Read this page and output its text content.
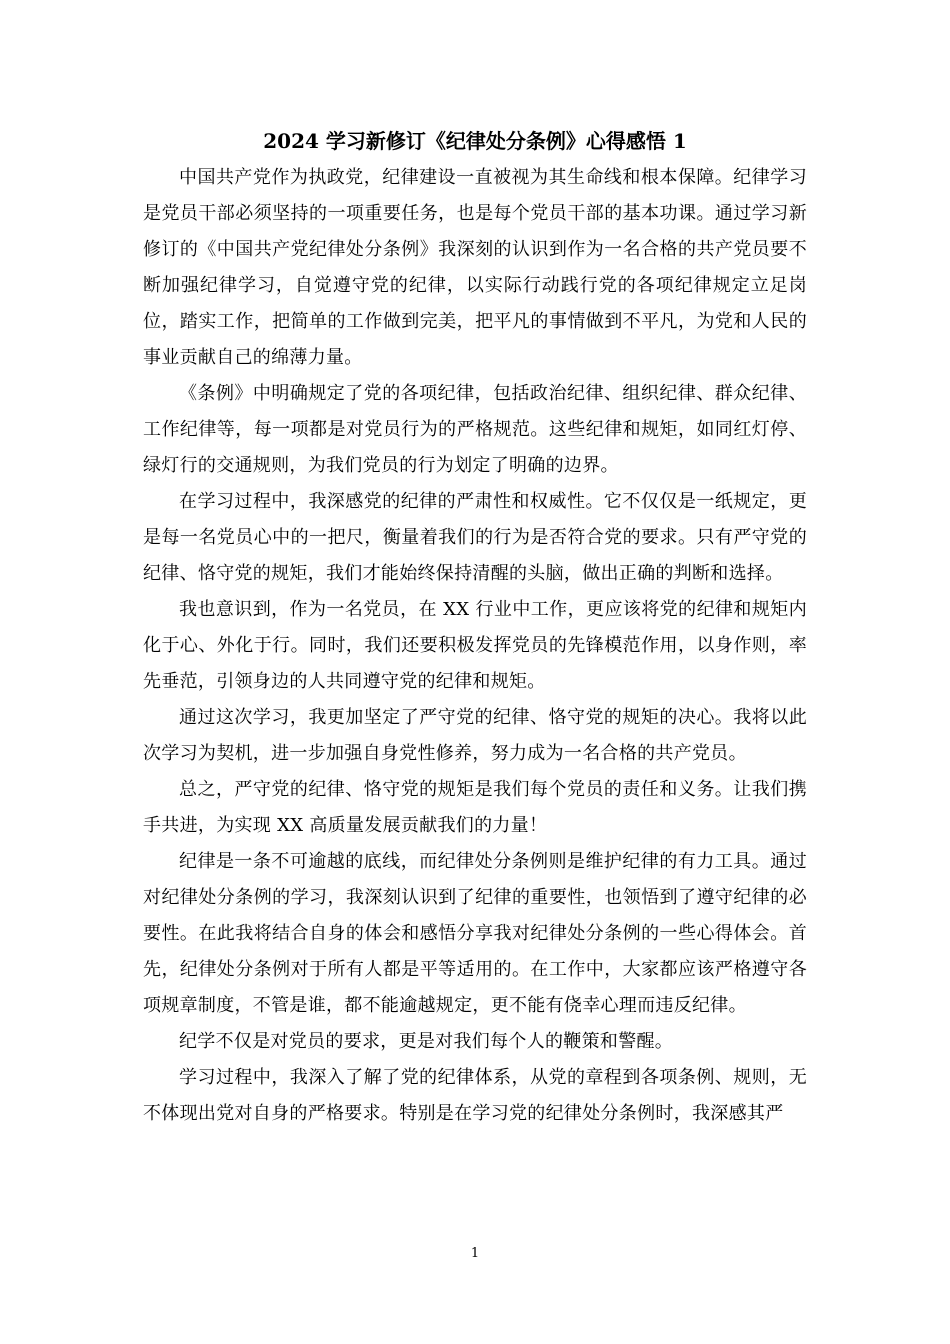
2024 学习新修订《纪律处分条例》心得感悟 1

中国共产党作为执政党，纪律建设一直被视为其生命线和根本保障。纪律学习是党员干部必须坚持的一项重要任务，也是每个党员干部的基本功课。通过学习新修订的《中国共产党纪律处分条例》我深刻的认识到作为一名合格的共产党员要不断加强纪律学习，自觉遵守党的纪律，以实际行动践行党的各项纪律规定立足岗位，踏实工作，把简单的工作做到完美，把平凡的事情做到不平凡，为党和人民的事业贡献自己的绵薄力量。

《条例》中明确规定了党的各项纪律，包括政治纪律、组织纪律、群众纪律、工作纪律等，每一项都是对党员行为的严格规范。这些纪律和规矩，如同红灯停、绿灯行的交通规则，为我们党员的行为划定了明确的边界。

在学习过程中，我深感党的纪律的严肃性和权威性。它不仅仅是一纸规定，更是每一名党员心中的一把尺，衡量着我们的行为是否符合党的要求。只有严守党的纪律、恪守党的规矩，我们才能始终保持清醒的头脑，做出正确的判断和选择。

我也意识到，作为一名党员，在 XX 行业中工作，更应该将党的纪律和规矩内化于心、外化于行。同时，我们还要积极发挥党员的先锋模范作用，以身作则，率先垂范，引领身边的人共同遵守党的纪律和规矩。

通过这次学习，我更加坚定了严守党的纪律、恪守党的规矩的决心。我将以此次学习为契机，进一步加强自身党性修养，努力成为一名合格的共产党员。

总之，严守党的纪律、恪守党的规矩是我们每个党员的责任和义务。让我们携手共进，为实现 XX 高质量发展贡献我们的力量！

纪律是一条不可逾越的底线，而纪律处分条例则是维护纪律的有力工具。通过对纪律处分条例的学习，我深刻认识到了纪律的重要性，也领悟到了遵守纪律的必要性。在此我将结合自身的体会和感悟分享我对纪律处分条例的一些心得体会。首先，纪律处分条例对于所有人都是平等适用的。在工作中，大家都应该严格遵守各项规章制度，不管是谁，都不能逾越规定，更不能有侥幸心理而违反纪律。

纪学不仅是对党员的要求，更是对我们每个人的鞭策和警醒。

学习过程中，我深入了解了党的纪律体系，从党的章程到各项条例、规则，无不体现出党对自身的严格要求。特别是在学习党的纪律处分条例时，我深感其严

1
